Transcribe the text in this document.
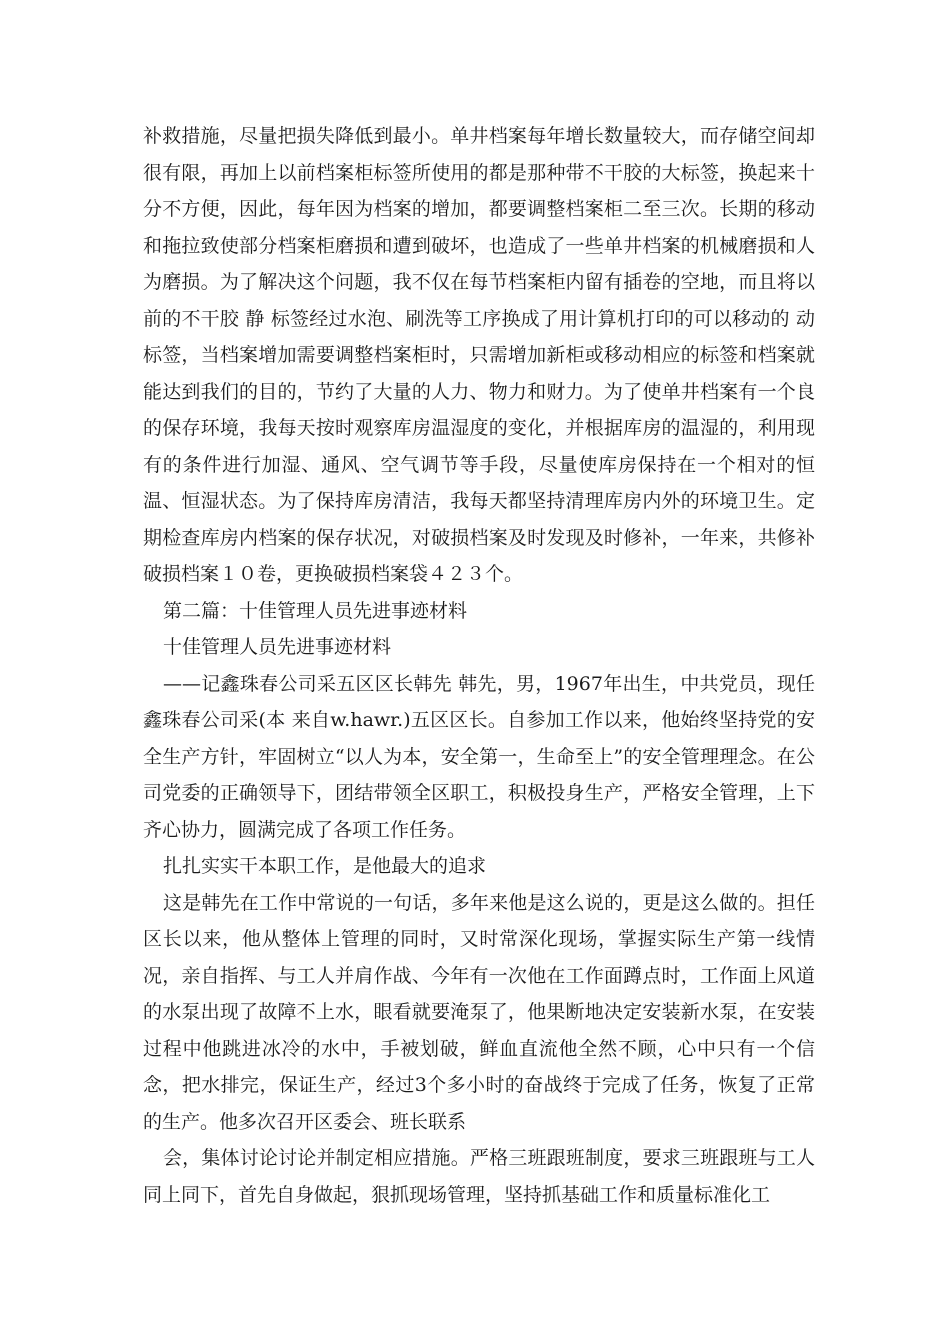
补救措施，尽量把损失降低到最小。单井档案每年增长数量较大，而存储空间却很有限，再加上以前档案柜标签所使用的都是那种带不干胶的大标签，换起来十分不方便，因此，每年因为档案的增加，都要调整档案柜二至三次。长期的移动和拖拉致使部分档案柜磨损和遭到破坏，也造成了一些单井档案的机械磨损和人为磨损。为了解决这个问题，我不仅在每节档案柜内留有插卷的空地，而且将以前的不干胶 静 标签经过水泡、刷洗等工序换成了用计算机打印的可以移动的 动 标签，当档案增加需要调整档案柜时，只需增加新柜或移动相应的标签和档案就能达到我们的目的，节约了大量的人力、物力和财力。为了使单井档案有一个良的保存环境，我每天按时观察库房温湿度的变化，并根据库房的温湿的，利用现有的条件进行加湿、通风、空气调节等手段，尽量使库房保持在一个相对的恒温、恒湿状态。为了保持库房清洁，我每天都坚持清理库房内外的环境卫生。定期检查库房内档案的保存状况，对破损档案及时发现及时修补，一年来，共修补破损档案１０卷，更换破损档案袋４２３个。

第二篇：十佳管理人员先进事迹材料

十佳管理人员先进事迹材料

——记鑫珠春公司采五区区长韩先 韩先，男，1967年出生，中共党员，现任鑫珠春公司采(本 来自w.hawr.)五区区长。自参加工作以来，他始终坚持党的安全生产方针，牢固树立“以人为本，安全第一，生命至上”的安全管理理念。在公司党委的正确领导下，团结带领全区职工，积极投身生产，严格安全管理，上下齐心协力，圆满完成了各项工作任务。

扎扎实实干本职工作，是他最大的追求

这是韩先在工作中常说的一句话，多年来他是这么说的，更是这么做的。担任区长以来，他从整体上管理的同时，又时常深化现场，掌握实际生产第一线情况，亲自指挥、与工人并肩作战、今年有一次他在工作面蹲点时，工作面上风道的水泵出现了故障不上水，眼看就要淹泵了，他果断地决定安装新水泵，在安装过程中他跳进冰冷的水中，手被划破，鲜血直流他全然不顾，心中只有一个信念，把水排完，保证生产，经过3个多小时的奋战终于完成了任务，恢复了正常的生产。他多次召开区委会、班长联系

会，集体讨论讨论并制定相应措施。严格三班跟班制度，要求三班跟班与工人同上同下，首先自身做起，狠抓现场管理，坚持抓基础工作和质量标准化工
